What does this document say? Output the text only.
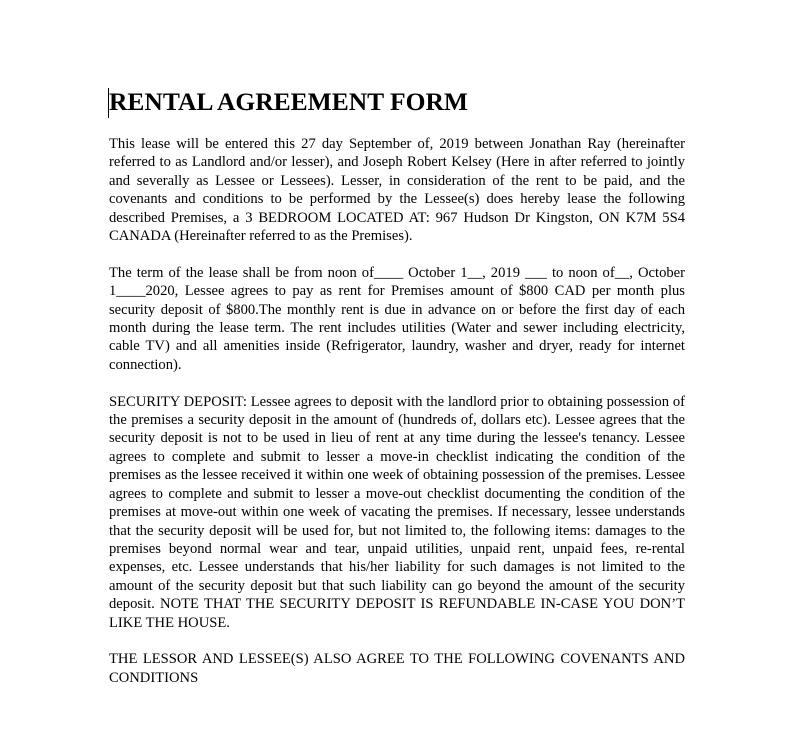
RENTAL AGREEMENT FORM

This lease will be entered this 27 day September of, 2019 between Jonathan Ray (hereinafter referred to as Landlord and/or lesser), and Joseph Robert Kelsey (Here in after referred to jointly and severally as Lessee or Lessees). Lesser, in consideration of the rent to be paid, and the covenants and conditions to be performed by the Lessee(s) does hereby lease the following described Premises, a 3 BEDROOM LOCATED AT: 967 Hudson Dr Kingston, ON K7M 5S4 CANADA (Hereinafter referred to as the Premises).

The term of the lease shall be from noon of____ October 1__, 2019 ___ to noon of__, October 1____2020, Lessee agrees to pay as rent for Premises amount of $800 CAD per month plus security deposit of $800.The monthly rent is due in advance on or before the first day of each month during the lease term. The rent includes utilities (Water and sewer including electricity, cable TV) and all amenities inside (Refrigerator, laundry, washer and dryer, ready for internet connection).

SECURITY DEPOSIT: Lessee agrees to deposit with the landlord prior to obtaining possession of the premises a security deposit in the amount of (hundreds of, dollars etc). Lessee agrees that the security deposit is not to be used in lieu of rent at any time during the lessee's tenancy. Lessee agrees to complete and submit to lesser a move-in checklist indicating the condition of the premises as the lessee received it within one week of obtaining possession of the premises. Lessee agrees to complete and submit to lesser a move-out checklist documenting the condition of the premises at move-out within one week of vacating the premises. If necessary, lessee understands that the security deposit will be used for, but not limited to, the following items: damages to the premises beyond normal wear and tear, unpaid utilities, unpaid rent, unpaid fees, re-rental expenses, etc. Lessee understands that his/her liability for such damages is not limited to the amount of the security deposit but that such liability can go beyond the amount of the security deposit. NOTE THAT THE SECURITY DEPOSIT IS REFUNDABLE IN-CASE YOU DON’T LIKE THE HOUSE.

THE LESSOR AND LESSEE(S) ALSO AGREE TO THE FOLLOWING COVENANTS AND CONDITIONS
